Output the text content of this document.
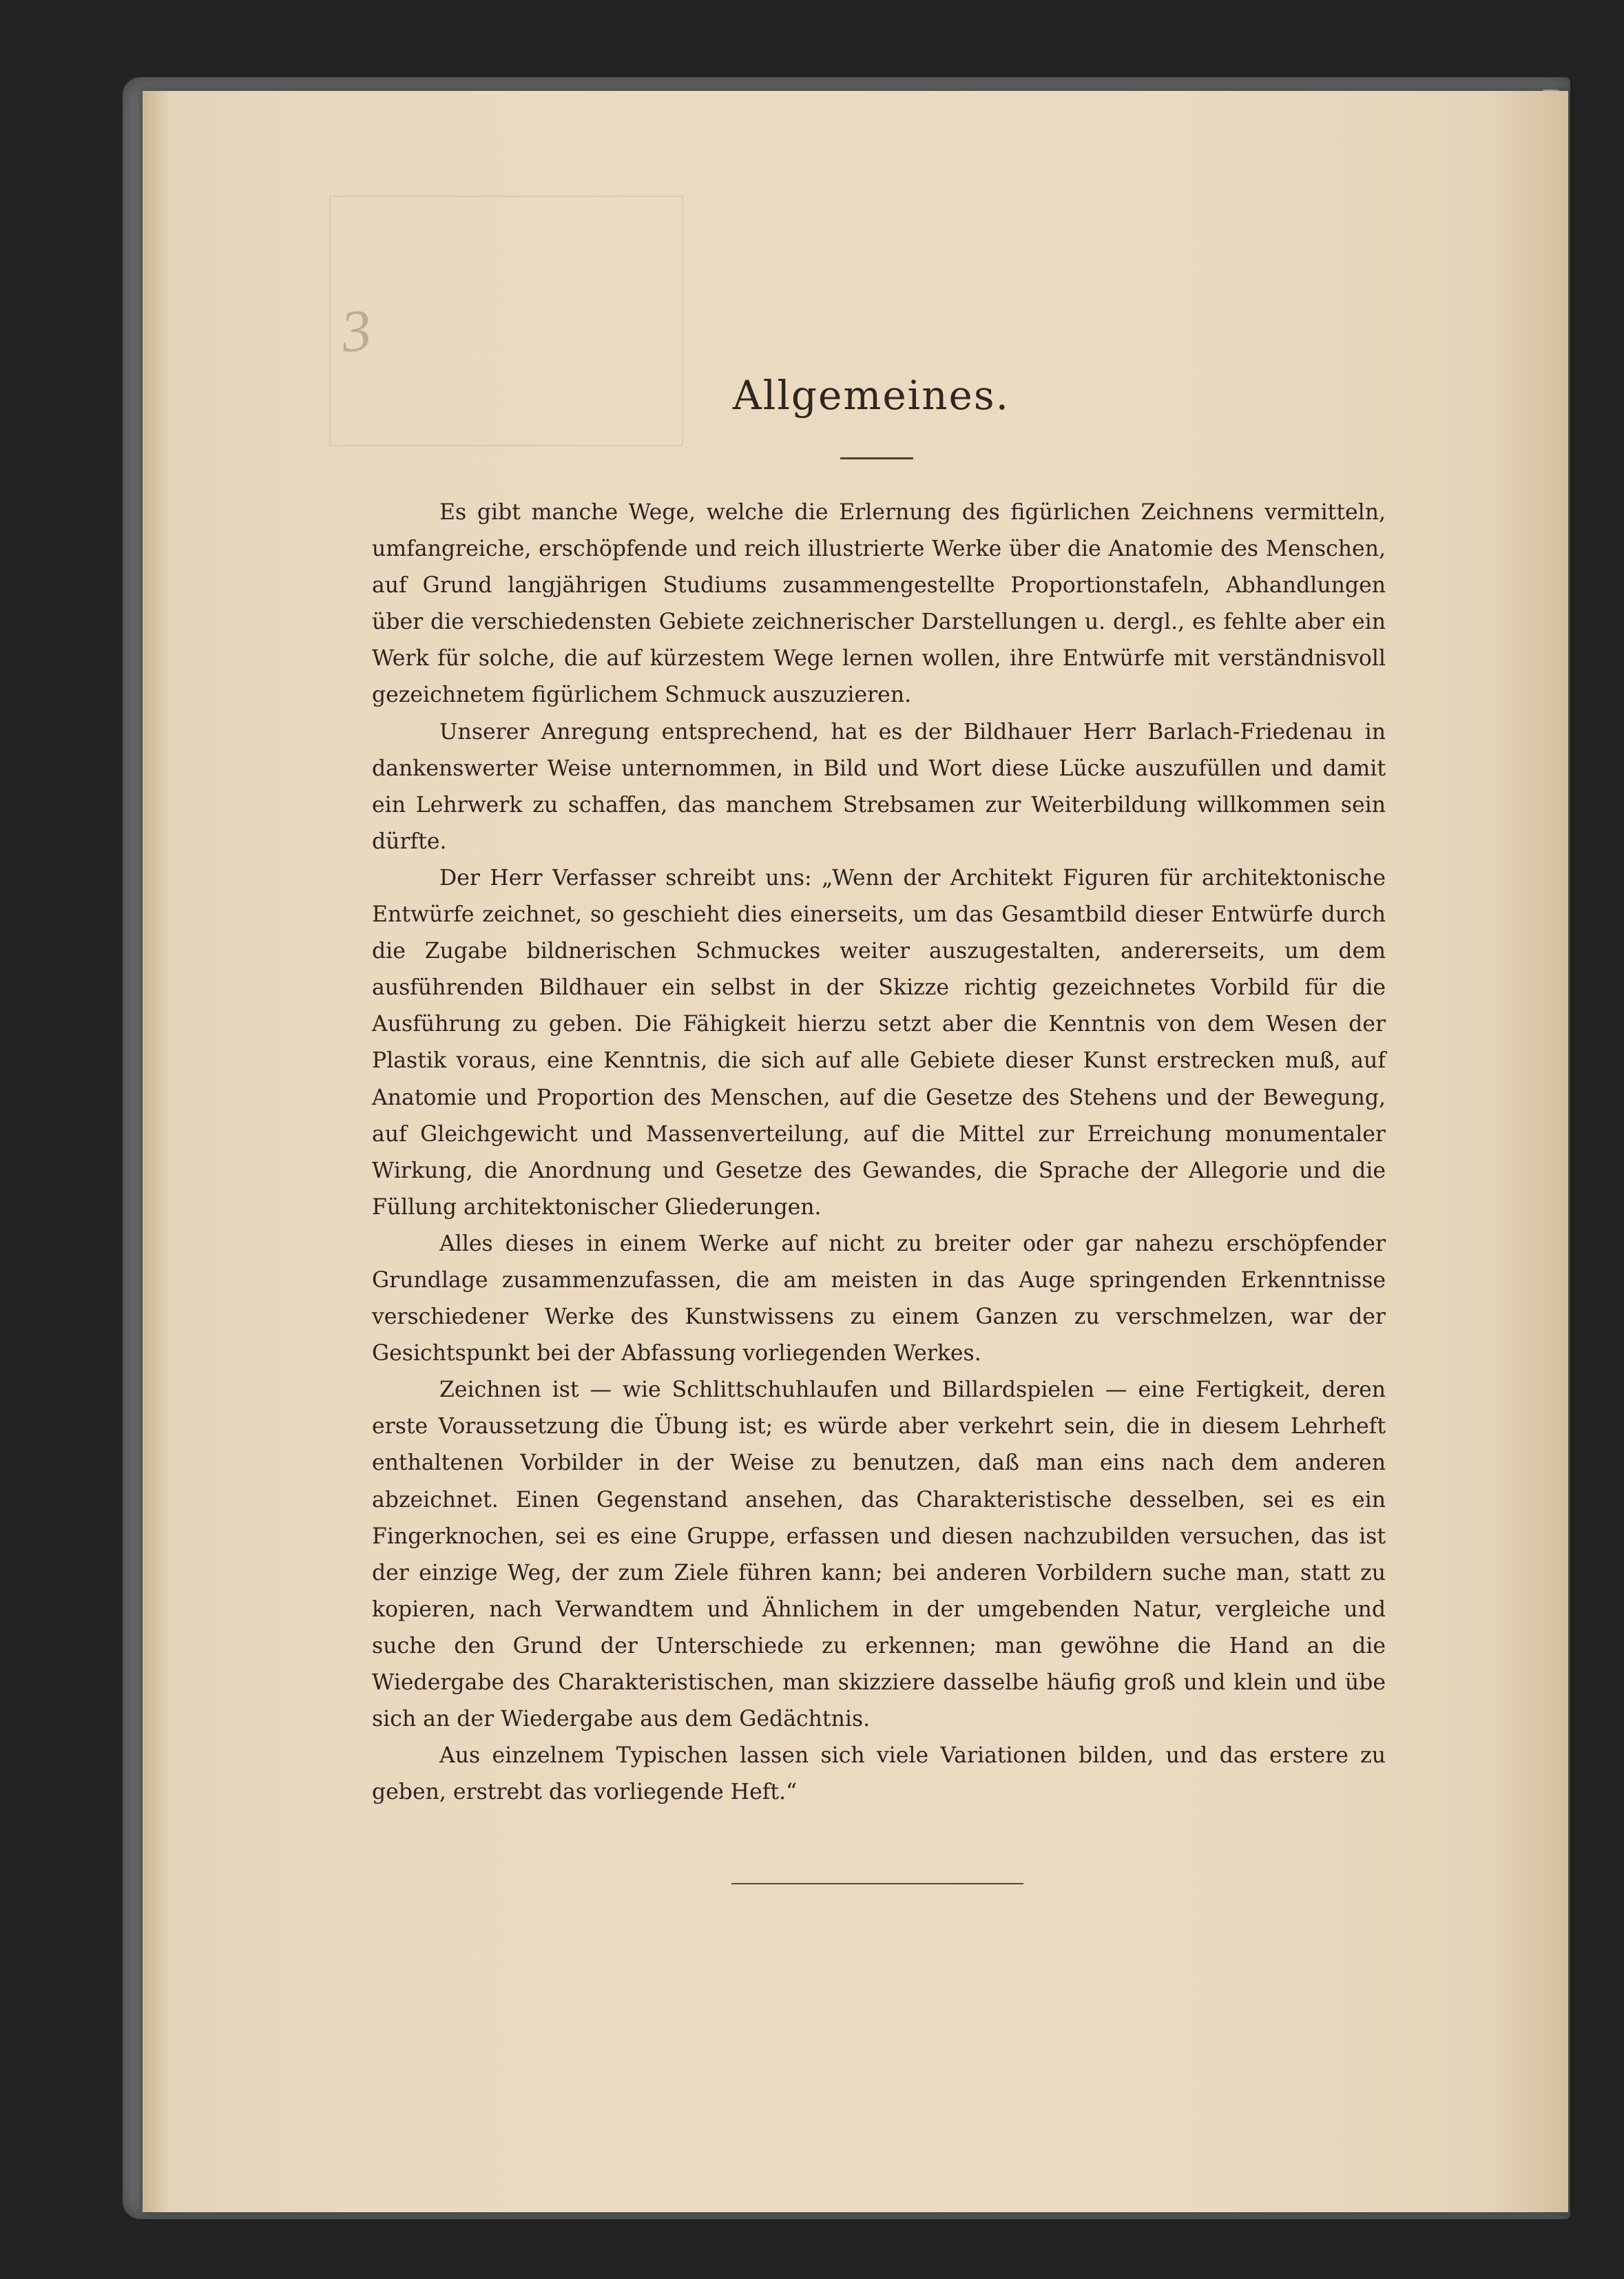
3
Allgemeines.

Es gibt manche Wege, welche die Erlernung des figürlichen Zeichnens vermitteln, umfangreiche, erschöpfende und reich illustrierte Werke über die Anatomie des Menschen, auf Grund langjährigen Studiums zusammengestellte Proportionstafeln, Abhandlungen über die verschiedensten Gebiete zeichnerischer Darstellungen u. dergl., es fehlte aber ein Werk für solche, die auf kürzestem Wege lernen wollen, ihre Entwürfe mit verständnisvoll gezeichnetem figürlichem Schmuck auszuzieren.

Unserer Anregung entsprechend, hat es der Bildhauer Herr Barlach-Friedenau in dankenswerter Weise unternommen, in Bild und Wort diese Lücke auszufüllen und damit ein Lehrwerk zu schaffen, das manchem Strebsamen zur Weiterbildung willkommen sein dürfte.

Der Herr Verfasser schreibt uns: „Wenn der Architekt Figuren für architektonische Entwürfe zeichnet, so geschieht dies einerseits, um das Gesamtbild dieser Entwürfe durch die Zugabe bildnerischen Schmuckes weiter auszugestalten, andererseits, um dem ausführenden Bildhauer ein selbst in der Skizze richtig gezeichnetes Vorbild für die Ausführung zu geben. Die Fähigkeit hierzu setzt aber die Kenntnis von dem Wesen der Plastik voraus, eine Kenntnis, die sich auf alle Gebiete dieser Kunst erstrecken muß, auf Anatomie und Proportion des Menschen, auf die Gesetze des Stehens und der Bewegung, auf Gleichgewicht und Massenverteilung, auf die Mittel zur Erreichung monumentaler Wirkung, die Anordnung und Gesetze des Gewandes, die Sprache der Allegorie und die Füllung architektonischer Gliederungen.

Alles dieses in einem Werke auf nicht zu breiter oder gar nahezu erschöpfender Grundlage zusammenzufassen, die am meisten in das Auge springenden Erkenntnisse verschiedener Werke des Kunstwissens zu einem Ganzen zu verschmelzen, war der Gesichtspunkt bei der Abfassung vorliegenden Werkes.

Zeichnen ist — wie Schlittschuhlaufen und Billardspielen — eine Fertigkeit, deren erste Voraussetzung die Übung ist; es würde aber verkehrt sein, die in diesem Lehrheft enthaltenen Vorbilder in der Weise zu benutzen, daß man eins nach dem anderen abzeichnet. Einen Gegenstand ansehen, das Charakteristische desselben, sei es ein Fingerknochen, sei es eine Gruppe, erfassen und diesen nachzubilden versuchen, das ist der einzige Weg, der zum Ziele führen kann; bei anderen Vorbildern suche man, statt zu kopieren, nach Verwandtem und Ähnlichem in der umgebenden Natur, vergleiche und suche den Grund der Unterschiede zu erkennen; man gewöhne die Hand an die Wiedergabe des Charakteristischen, man skizziere dasselbe häufig groß und klein und übe sich an der Wiedergabe aus dem Gedächtnis.

Aus einzelnem Typischen lassen sich viele Variationen bilden, und das erstere zu geben, erstrebt das vorliegende Heft.“
